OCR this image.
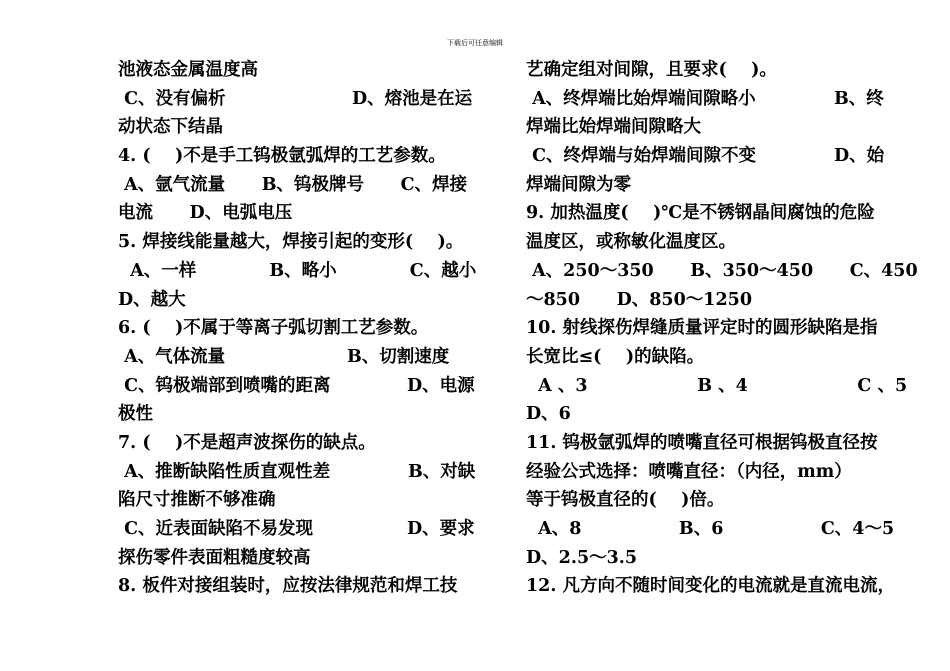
下载后可任意编辑
池液态金属温度高
C、没有偏析	D、熔池是在运
动状态下结晶
4. (    )不是手工钨极氩弧焊的工艺参数。
A、氩气流量      B、钨极牌号      C、焊接
电流      D、电弧电压
5. 焊接线能量越大，焊接引起的变形(    )。
A、一样            B、略小            C、越小
D、越大
6. (    )不属于等离子弧切割工艺参数。
A、气体流量	B、切割速度
C、钨极端部到喷嘴的距离	D、电源
极性
7. (    )不是超声波探伤的缺点。
A、推断缺陷性质直观性差	B、对缺
陷尺寸推断不够准确
C、近表面缺陷不易发现	D、要求
探伤零件表面粗糙度较高
8. 板件对接组装时，应按法律规范和焊工技
艺确定组对间隙，且要求(    )。
A、终焊端比始焊端间隙略小	B、终
焊端比始焊端间隙略大
C、终焊端与始焊端间隙不变	D、始
焊端间隙为零
9. 加热温度(    )℃是不锈钢晶间腐蚀的危险
温度区，或称敏化温度区。
A、250～350      B、350～450      C、450
～850      D、850～1250
10. 射线探伤焊缝质量评定时的圆形缺陷是指
长宽比≤(    )的缺陷。
A 、3                  B 、4                  C 、5
D、6
11. 钨极氩弧焊的喷嘴直径可根据钨极直径按
经验公式选择：喷嘴直径：（内径，mm）
等于钨极直径的(    )倍。
A、8                B、6                C、4～5
D、2.5～3.5
12. 凡方向不随时间变化的电流就是直流电流，
